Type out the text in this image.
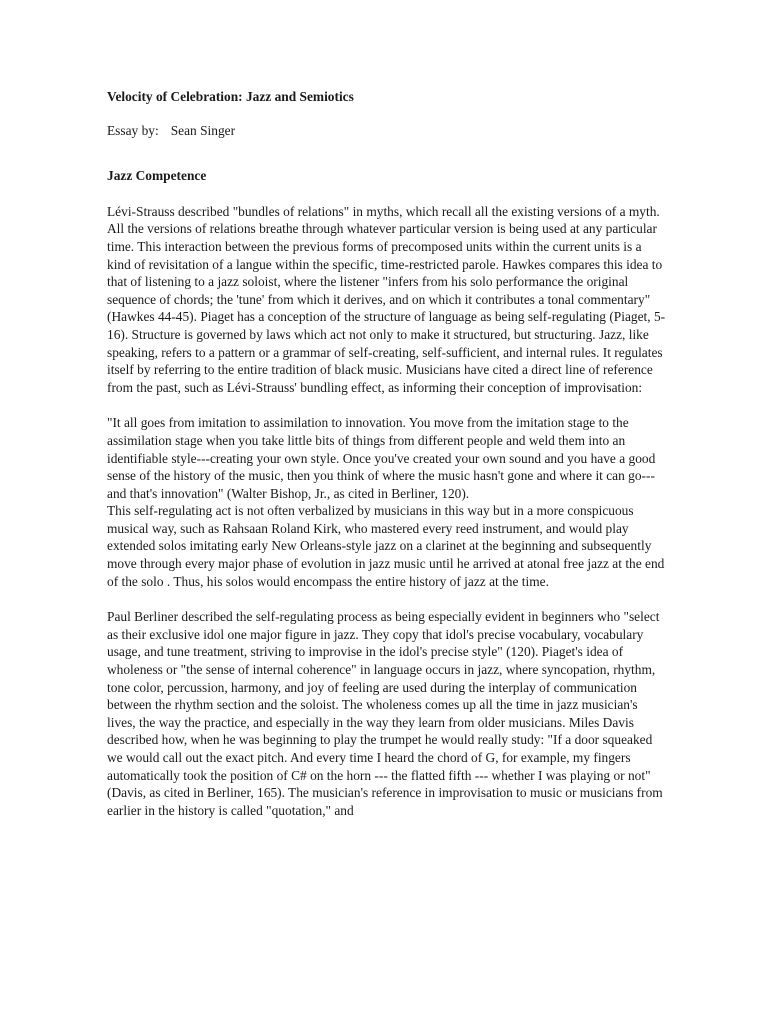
Velocity of Celebration: Jazz and Semiotics
Essay by: Sean Singer
Jazz Competence

Lévi-Strauss described "bundles of relations" in myths, which recall all the existing versions of a myth. All the versions of relations breathe through whatever particular version is being used at any particular time. This interaction between the previous forms of precomposed units within the current units is a kind of revisitation of a langue within the specific, time-restricted parole. Hawkes compares this idea to that of listening to a jazz soloist, where the listener "infers from his solo performance the original sequence of chords; the 'tune' from which it derives, and on which it contributes a tonal commentary" (Hawkes 44-45). Piaget has a conception of the structure of language as being self-regulating (Piaget, 5-16). Structure is governed by laws which act not only to make it structured, but structuring. Jazz, like speaking, refers to a pattern or a grammar of self-creating, self-sufficient, and internal rules. It regulates itself by referring to the entire tradition of black music. Musicians have cited a direct line of reference from the past, such as Lévi-Strauss' bundling effect, as informing their conception of improvisation:

"It all goes from imitation to assimilation to innovation. You move from the imitation stage to the assimilation stage when you take little bits of things from different people and weld them into an identifiable style---creating your own style. Once you've created your own sound and you have a good sense of the history of the music, then you think of where the music hasn't gone and where it can go---and that's innovation" (Walter Bishop, Jr., as cited in Berliner, 120).

This self-regulating act is not often verbalized by musicians in this way but in a more conspicuous musical way, such as Rahsaan Roland Kirk, who mastered every reed instrument, and would play extended solos imitating early New Orleans-style jazz on a clarinet at the beginning and subsequently move through every major phase of evolution in jazz music until he arrived at atonal free jazz at the end of the solo . Thus, his solos would encompass the entire history of jazz at the time.

Paul Berliner described the self-regulating process as being especially evident in beginners who "select as their exclusive idol one major figure in jazz. They copy that idol's precise vocabulary, vocabulary usage, and tune treatment, striving to improvise in the idol's precise style" (120). Piaget's idea of wholeness or "the sense of internal coherence" in language occurs in jazz, where syncopation, rhythm, tone color, percussion, harmony, and joy of feeling are used during the interplay of communication between the rhythm section and the soloist. The wholeness comes up all the time in jazz musician's lives, the way the practice, and especially in the way they learn from older musicians. Miles Davis described how, when he was beginning to play the trumpet he would really study: "If a door squeaked we would call out the exact pitch. And every time I heard the chord of G, for example, my fingers automatically took the position of C# on the horn --- the flatted fifth --- whether I was playing or not" (Davis, as cited in Berliner, 165). The musician's reference in improvisation to music or musicians from earlier in the history is called "quotation," and
